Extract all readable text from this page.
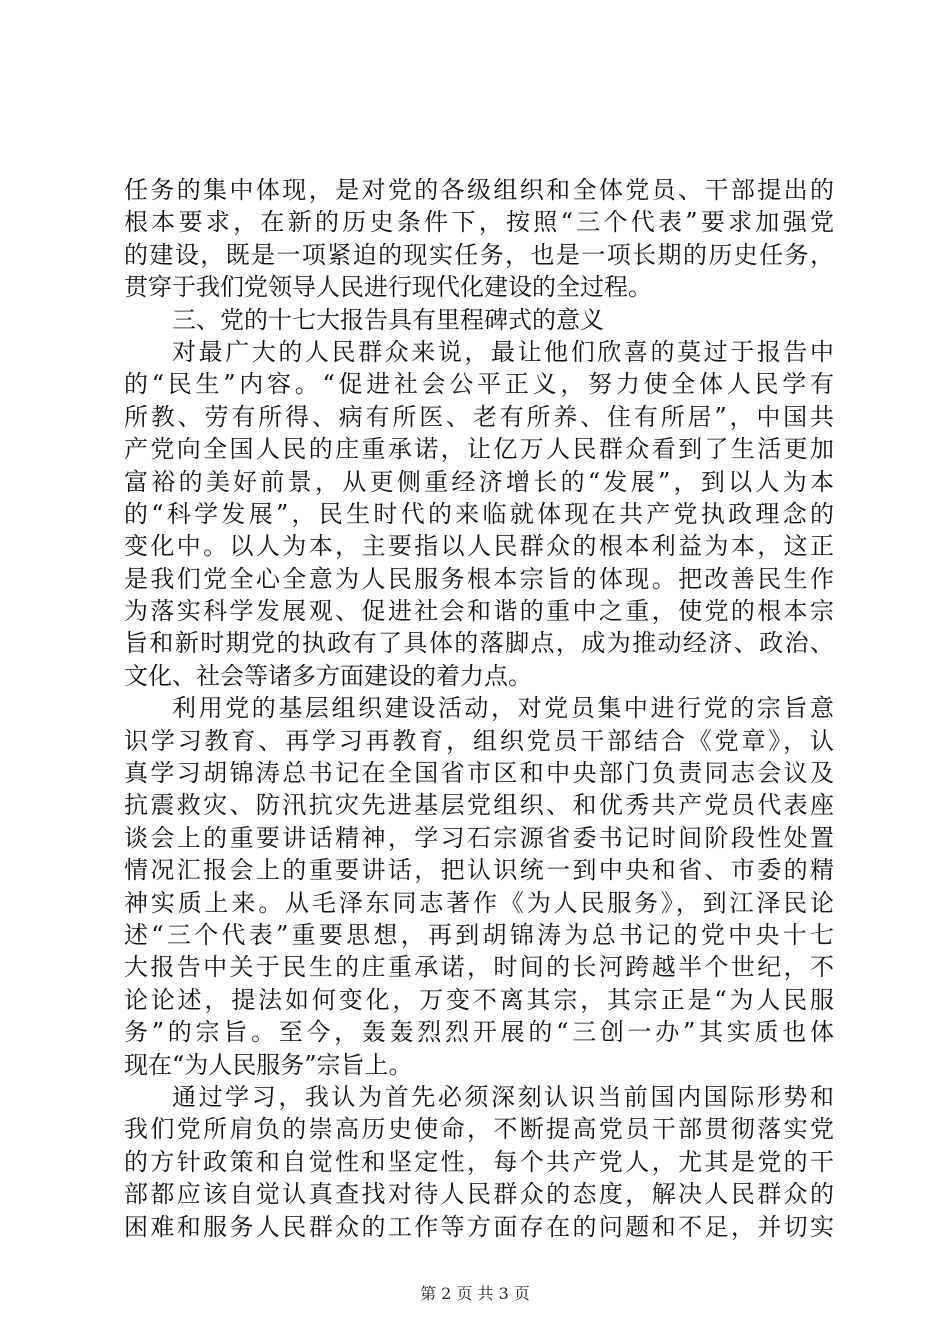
任务的集中体现，是对党的各级组织和全体党员、干部提出的
根本要求，在新的历史条件下，按照“三个代表”要求加强党
的建设，既是一项紧迫的现实任务，也是一项长期的历史任务，
贯穿于我们党领导人民进行现代化建设的全过程。
三、党的十七大报告具有里程碑式的意义
对最广大的人民群众来说，最让他们欣喜的莫过于报告中
的“民生”内容。“促进社会公平正义，努力使全体人民学有
所教、劳有所得、病有所医、老有所养、住有所居”，中国共
产党向全国人民的庄重承诺，让亿万人民群众看到了生活更加
富裕的美好前景，从更侧重经济增长的“发展”，到以人为本
的“科学发展”，民生时代的来临就体现在共产党执政理念的
变化中。以人为本，主要指以人民群众的根本利益为本，这正
是我们党全心全意为人民服务根本宗旨的体现。把改善民生作
为落实科学发展观、促进社会和谐的重中之重，使党的根本宗
旨和新时期党的执政有了具体的落脚点，成为推动经济、政治、
文化、社会等诸多方面建设的着力点。
利用党的基层组织建设活动，对党员集中进行党的宗旨意
识学习教育、再学习再教育，组织党员干部结合《党章》，认
真学习胡锦涛总书记在全国省市区和中央部门负责同志会议及
抗震救灾、防汛抗灾先进基层党组织、和优秀共产党员代表座
谈会上的重要讲话精神，学习石宗源省委书记时间阶段性处置
情况汇报会上的重要讲话，把认识统一到中央和省、市委的精
神实质上来。从毛泽东同志著作《为人民服务》，到江泽民论
述“三个代表”重要思想，再到胡锦涛为总书记的党中央十七
大报告中关于民生的庄重承诺，时间的长河跨越半个世纪，不
论论述，提法如何变化，万变不离其宗，其宗正是“为人民服
务”的宗旨。至今，轰轰烈烈开展的“三创一办”其实质也体
现在“为人民服务”宗旨上。
通过学习，我认为首先必须深刻认识当前国内国际形势和
我们党所肩负的崇高历史使命，不断提高党员干部贯彻落实党
的方针政策和自觉性和坚定性，每个共产党人，尤其是党的干
部都应该自觉认真查找对待人民群众的态度，解决人民群众的
困难和服务人民群众的工作等方面存在的问题和不足，并切实
第 2 页 共 3 页
